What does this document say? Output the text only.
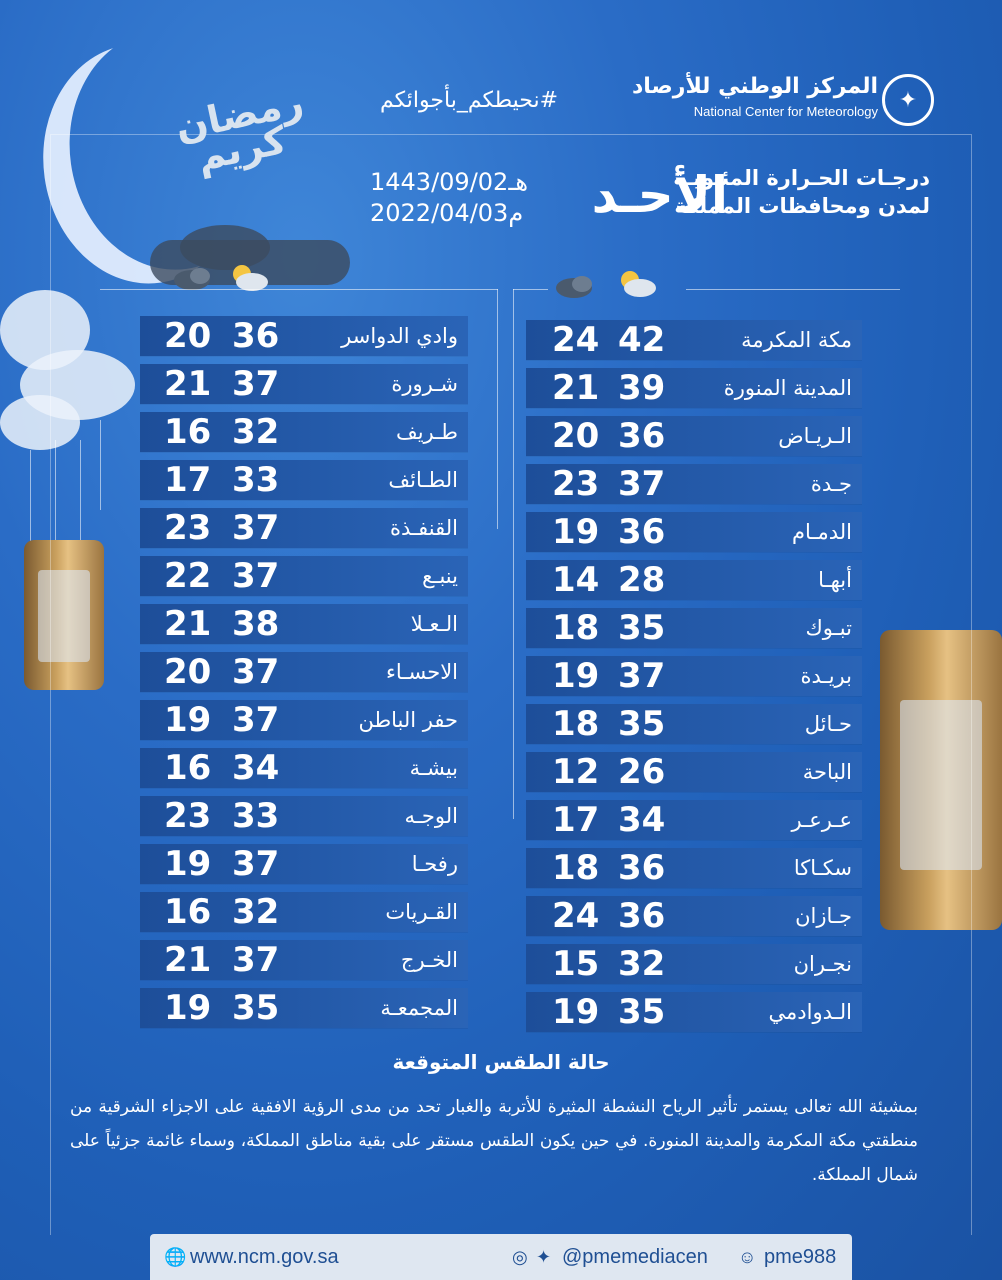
✦
المركز الوطني للأرصاد
National Center for Meteorology
#نحيطكم_بأجوائكم
رمضان كريم
الأحـد
درجـات الحـرارة المئـويـة
لمدن ومحافظات المملكة
1443/09/02هـ
2022/04/03م
20 36	وادي الدواسر
21 37	شـرورة
16 32	طـريف
17 33	الطـائف
23 37	القنفـذة
22 37	ينبـع
21 38	الـعـلا
20 37	الاحسـاء
19 37	حفر الباطن
16 34	بيشـة
23 33	الوجـه
19 37	رفحـا
16 32	القـريات
21 37	الخـرج
19 35	المجمعـة
24 42	مكة المكرمة
21 39	المدينة المنورة
20 36	الـريـاض
23 37	جـدة
19 36	الدمـام
14 28	أبهـا
18 35	تبـوك
19 37	بريـدة
18 35	حـائل
12 26	الباحة
17 34	عـرعـر
18 36	سكـاكا
24 36	جـازان
15 32	نجـران
19 35	الـدوادمي
حالة الطقس المتوقعة
بمشيئة الله تعالى يستمر تأثير الرياح النشطة المثيرة للأتربة والغبار تحد من مدى الرؤية الافقية على الاجزاء الشرقية من منطقتي مكة المكرمة والمدينة المنورة. في حين يكون الطقس مستقر على بقية مناطق المملكة، وسماء غائمة جزئياً على شمال المملكة.
🌐 www.ncm.gov.sa	◎ ✦ @pmemediacen ☺ pme988
